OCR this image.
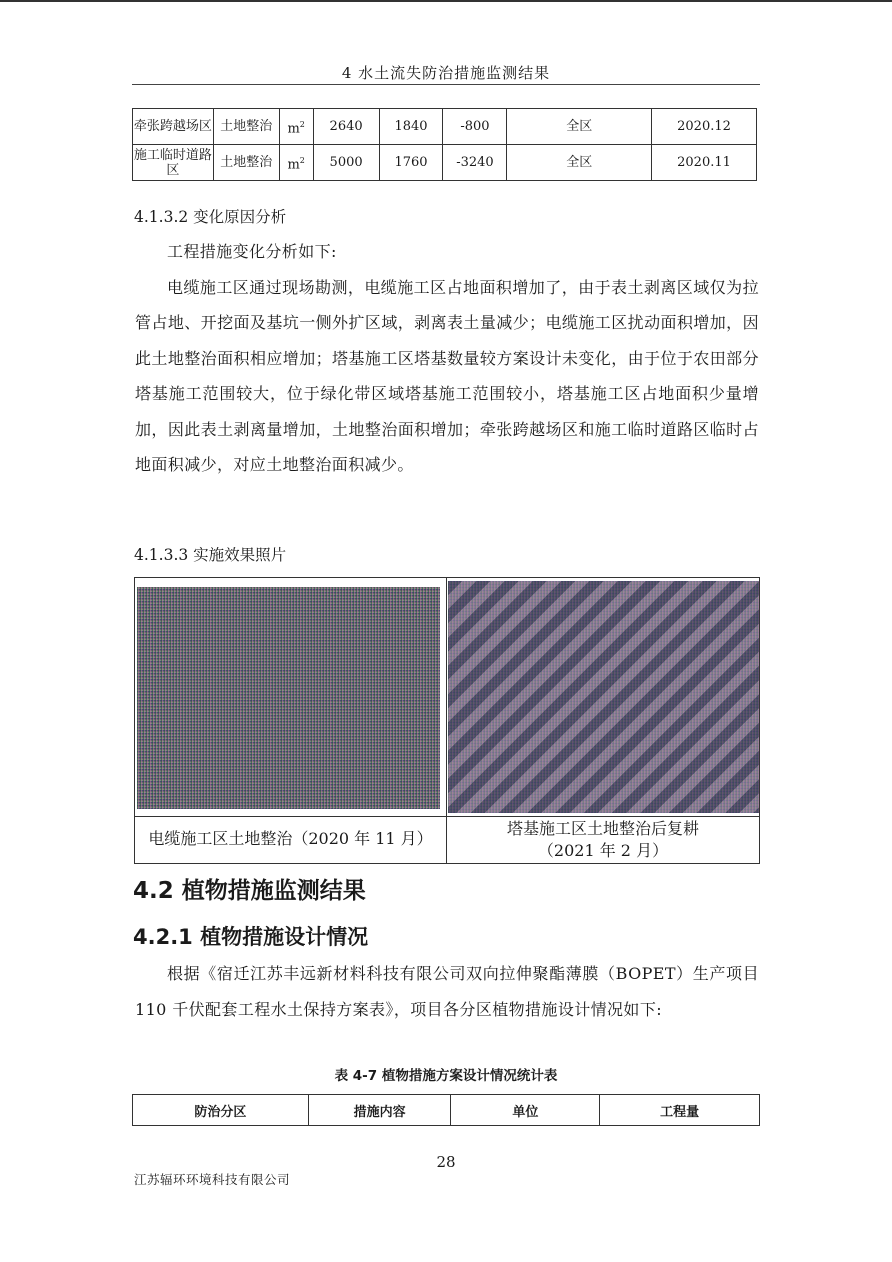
4 水土流失防治措施监测结果
牵张跨越场区	土地整治	$m^2$	2640	1840	-800	全区	2020.12
施工临时道路区	土地整治	$m^2$	5000	1760	-3240	全区	2020.11
4.1.3.2 变化原因分析

工程措施变化分析如下:

电缆施工区通过现场勘测，电缆施工区占地面积增加了，由于表土剥离区域仅为拉管占地、开挖面及基坑一侧外扩区域，剥离表土量减少；电缆施工区扰动面积增加，因此土地整治面积相应增加；塔基施工区塔基数量较方案设计未变化，由于位于农田部分塔基施工范围较大，位于绿化带区域塔基施工范围较小，塔基施工区占地面积少量增加，因此表土剥离量增加，土地整治面积增加；牵张跨越场区和施工临时道路区临时占地面积减少，对应土地整治面积减少。

4.1.3.3 实施效果照片
电缆施工区土地整治（2020 年 11 月）
塔基施工区土地整治后复耕
（2021 年 2 月）
4.2 植物措施监测结果
4.2.1 植物措施设计情况

根据《宿迁江苏丰远新材料科技有限公司双向拉伸聚酯薄膜（BOPET）生产项目 110 千伏配套工程水土保持方案表》，项目各分区植物措施设计情况如下:

表 4-7 植物措施方案设计情况统计表
防治分区	措施内容	单位	工程量
28
江苏辐环环境科技有限公司
